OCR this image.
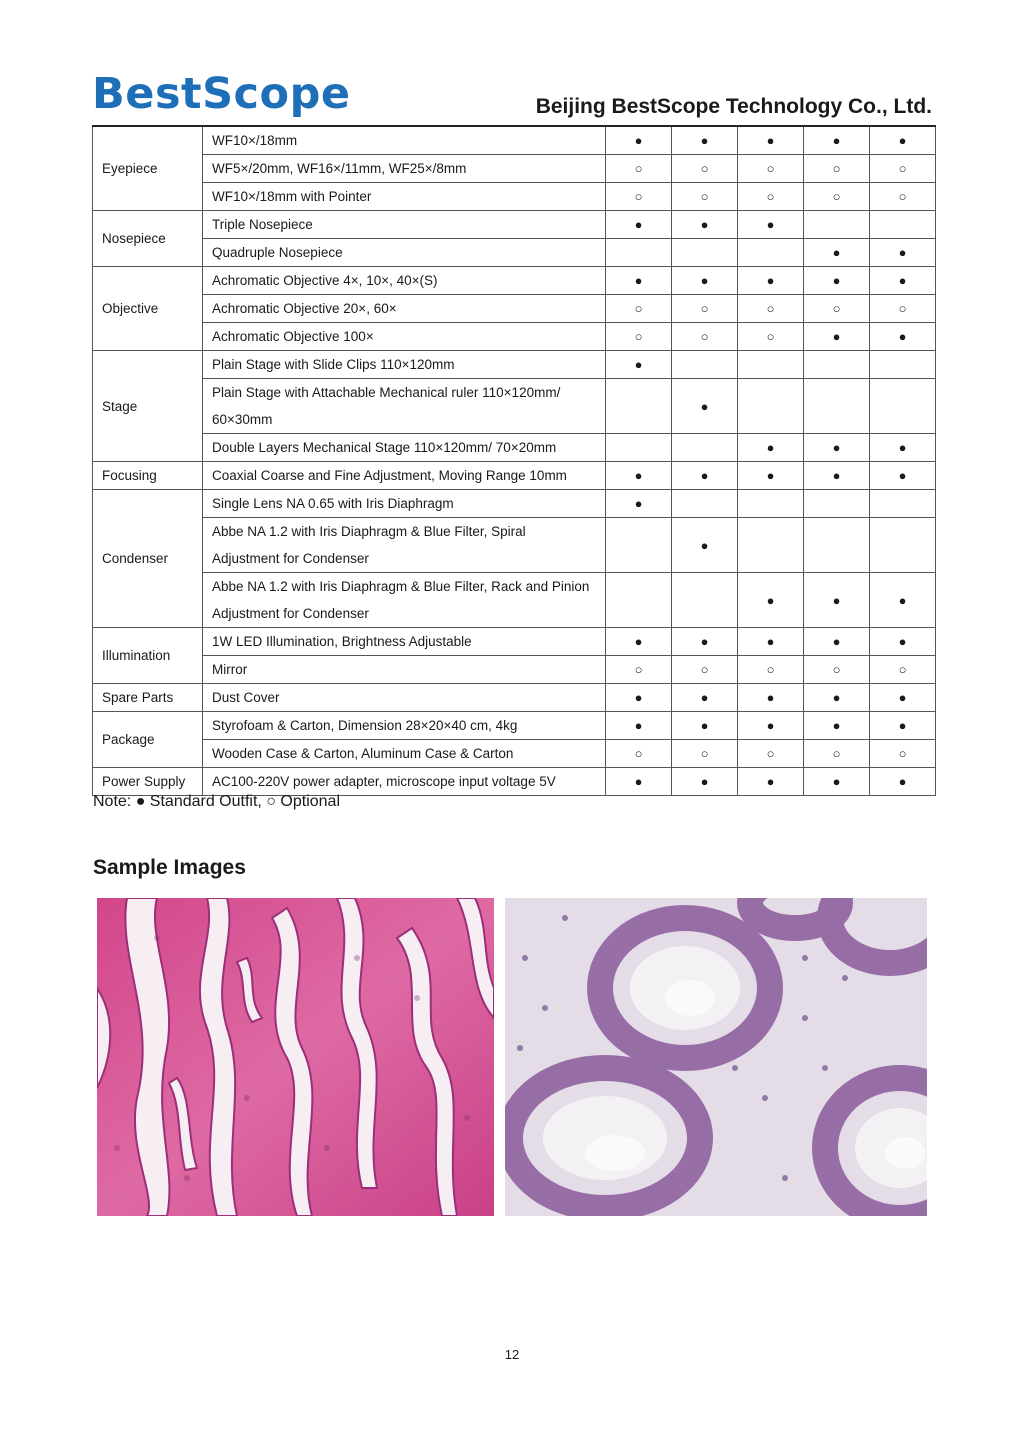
BestScope	Beijing BestScope Technology Co., Ltd.
Eyepiece	WF10×/18mm	●	●	●	●	●
	WF5×/20mm, WF16×/11mm, WF25×/8mm	○	○	○	○	○
	WF10×/18mm with Pointer	○	○	○	○	○
Nosepiece	Triple Nosepiece	●	●	●		
	Quadruple Nosepiece				●	●
Objective	Achromatic Objective 4×, 10×, 40×(S)	●	●	●	●	●
	Achromatic Objective 20×, 60×	○	○	○	○	○
	Achromatic Objective 100×	○	○	○	●	●
Stage	Plain Stage with Slide Clips 110×120mm	●				
	Plain Stage with Attachable Mechanical ruler 110×120mm/ 60×30mm		●			
	Double Layers Mechanical Stage 110×120mm/ 70×20mm			●	●	●
Focusing	Coaxial Coarse and Fine Adjustment, Moving Range 10mm	●	●	●	●	●
Condenser	Single Lens NA 0.65 with Iris Diaphragm	●				
	Abbe NA 1.2 with Iris Diaphragm & Blue Filter, Spiral Adjustment for Condenser		●			
	Abbe NA 1.2 with Iris Diaphragm & Blue Filter, Rack and Pinion Adjustment for Condenser			●	●	●
Illumination	1W LED Illumination, Brightness Adjustable	●	●	●	●	●
	Mirror	○	○	○	○	○
Spare Parts	Dust Cover	●	●	●	●	●
Package	Styrofoam & Carton, Dimension 28×20×40 cm, 4kg	●	●	●	●	●
	Wooden Case & Carton, Aluminum Case & Carton	○	○	○	○	○
Power Supply	AC100-220V power adapter, microscope input voltage 5V	●	●	●	●	●
Note: ● Standard Outfit, ○ Optional
Sample Images
12
